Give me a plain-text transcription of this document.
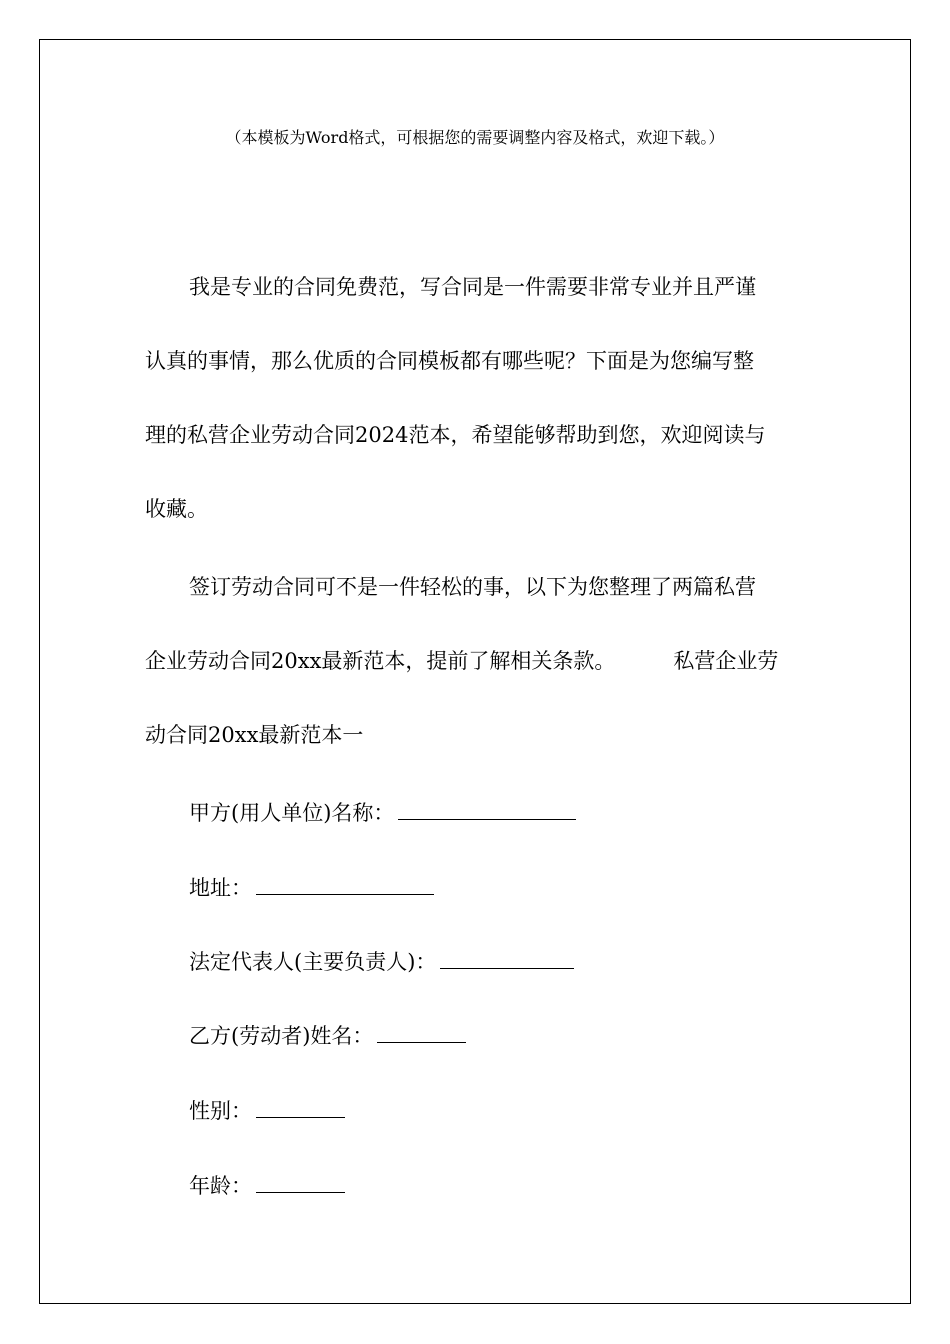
（本模板为Word格式，可根据您的需要调整内容及格式，欢迎下载。）

我是专业的合同免费范，写合同是一件需要非常专业并且严谨

认真的事情，那么优质的合同模板都有哪些呢？下面是为您编写整
理的私营企业劳动合同2024范本，希望能够帮助到您，欢迎阅读与
收藏。

签订劳动合同可不是一件轻松的事，以下为您整理了两篇私营

企业劳动合同20xx最新范本，提前了解相关条款。	私营企业劳
动合同20xx最新范本一
甲方(用人单位)名称：
地址：
法定代表人(主要负责人)：
乙方(劳动者)姓名：
性别：
年龄：
